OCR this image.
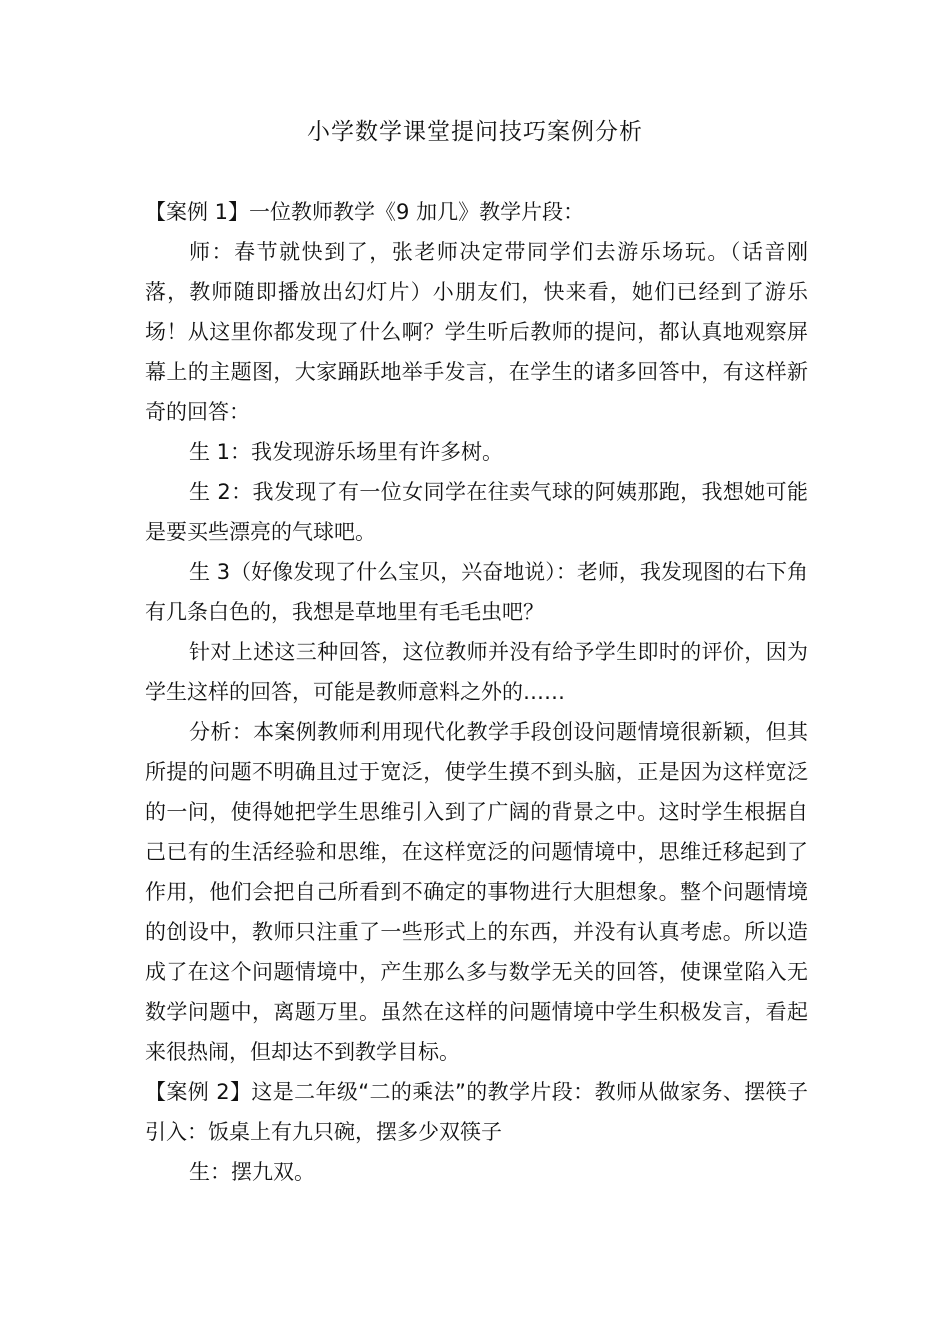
小学数学课堂提问技巧案例分析

【案例 1】一位教师教学《9 加几》教学片段：

师：春节就快到了，张老师决定带同学们去游乐场玩。（话音刚落，教师随即播放出幻灯片）小朋友们，快来看，她们已经到了游乐场！从这里你都发现了什么啊？学生听后教师的提问，都认真地观察屏幕上的主题图，大家踊跃地举手发言，在学生的诸多回答中，有这样新奇的回答：

生 1：我发现游乐场里有许多树。

生 2：我发现了有一位女同学在往卖气球的阿姨那跑，我想她可能是要买些漂亮的气球吧。

生 3（好像发现了什么宝贝，兴奋地说）：老师，我发现图的右下角有几条白色的，我想是草地里有毛毛虫吧？

针对上述这三种回答，这位教师并没有给予学生即时的评价，因为学生这样的回答，可能是教师意料之外的……

分析：本案例教师利用现代化教学手段创设问题情境很新颖，但其所提的问题不明确且过于宽泛，使学生摸不到头脑，正是因为这样宽泛的一问，使得她把学生思维引入到了广阔的背景之中。这时学生根据自己已有的生活经验和思维，在这样宽泛的问题情境中，思维迁移起到了作用，他们会把自己所看到不确定的事物进行大胆想象。整个问题情境的创设中，教师只注重了一些形式上的东西，并没有认真考虑。所以造成了在这个问题情境中，产生那么多与数学无关的回答，使课堂陷入无数学问题中，离题万里。虽然在这样的问题情境中学生积极发言，看起来很热闹，但却达不到教学目标。

【案例 2】这是二年级“二的乘法”的教学片段：教师从做家务、摆筷子引入：饭桌上有九只碗，摆多少双筷子

生：摆九双。
